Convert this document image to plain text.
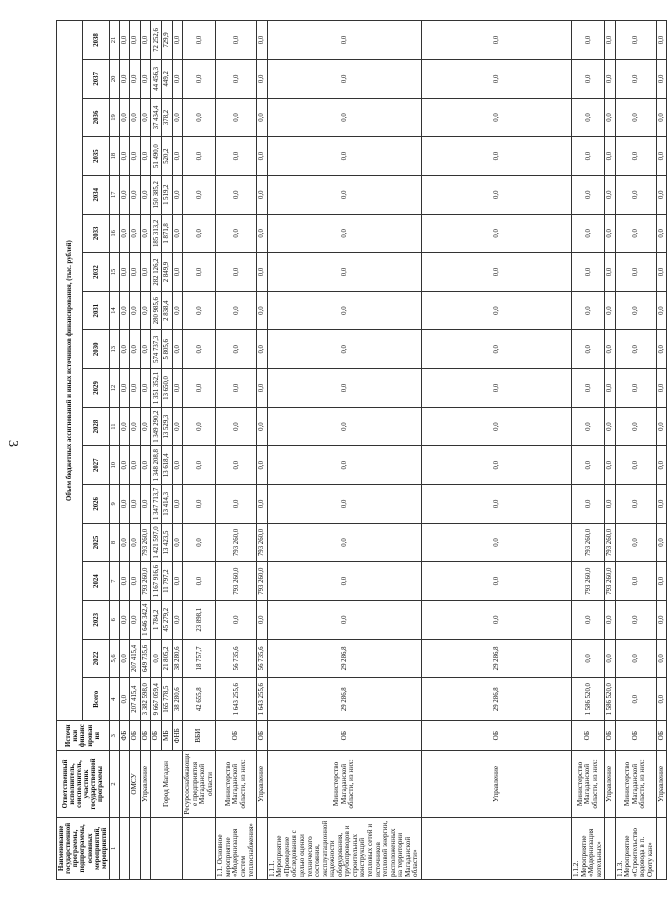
3
Наименование государственной программы, подпрограммы, основных мероприятий, мероприятий	Ответственный исполнитель, соисполнитель, участник государственной программы	Источники финансирования	Объем бюджетных ассигнований и иных источников финансирования, (тыс. рублей)																	
			Всего	2022	2023	2024	2025	2026	2027	2028	2029	2030	2031	2032	2033	2034	2035	2036	2037	2038
1	2	3	4	5,6	6	7	8	9	10	11	12	13	14	15	16	17	18	19	20	21
		ФБ	0,0	0,0	0,0	0,0	0,0	0,0	0,0	0,0	0,0	0,0	0,0	0,0	0,0	0,0	0,0	0,0	0,0	0,0
	ОМСУ	ОБ	207 415,4	207 415,4	0,0	0,0	0,0	0,0	0,0	0,0	0,0	0,0	0,0	0,0	0,0	0,0	0,0	0,0	0,0	0,0
	Управление	ОБ	3 382 598,0	649 735,6	1 646 342,4	793 260,0	793 260,0	0,0	0,0	0,0	0,0	0,0	0,0	0,0	0,0	0,0	0,0	0,0	0,0	0,0
	Город Магадан	ОБ	9 667 059,4	0,0	1 784,2	1 167 916,6	1 421 597,0	1 347 713,7	1 348 208,8	1 349 290,2	1 351 352,1	574 737,3	280 985,6	282 126,2	185 313,2	150 385,2	51 490,0	37 434,4	44 456,3	72 252,6
		МБ	165 778,5	21 805,2	45 279,2	11 797,2	13 423,5	13 414,3	13 618,4	13 529,3	13 650,0	5 805,6	2 838,4	2 849,9	1 871,8	1 519,2	520,2	378,2	449,2	729,9
		ФНБ	38 280,6	38 280,6	0,0	0,0	0,0	0,0	0,0	0,0	0,0	0,0	0,0	0,0	0,0	0,0	0,0	0,0	0,0	0,0
	Ресурсоснабжающие предприятия Магаданской области	ВБИ	42 655,8	18 757,7	23 898,1	0,0	0,0	0,0	0,0	0,0	0,0	0,0	0,0	0,0	0,0	0,0	0,0	0,0	0,0	0,0
1.1. Основное мероприятие «Модернизация систем теплоснабжения»	Министерство Магаданской области, из них:	ОБ	1 643 255,6	56 735,6	0,0	793 260,0	793 260,0	0,0	0,0	0,0	0,0	0,0	0,0	0,0	0,0	0,0	0,0	0,0	0,0	0,0
	Управление	ОБ	1 643 255,6	56 735,6	0,0	793 260,0	793 260,0	0,0	0,0	0,0	0,0	0,0	0,0	0,0	0,0	0,0	0,0	0,0	0,0	0,0
1.1.1. Мероприятие «Проведение обследования с целью оценки технического состояния, эксплуатационной надежности оборудования, трубопроводов и строительных конструкций тепловых сетей и источников тепловой энергии, расположенных на территории Магаданской области»	Министерство Магаданской области, из них:	ОБ	29 286,8	29 286,8	0,0	0,0	0,0	0,0	0,0	0,0	0,0	0,0	0,0	0,0	0,0	0,0	0,0	0,0	0,0	0,0
	Управление	ОБ	29 286,8	29 286,8	0,0	0,0	0,0	0,0	0,0	0,0	0,0	0,0	0,0	0,0	0,0	0,0	0,0	0,0	0,0	0,0
1.1.2. Мероприятие «Модернизация котельных»	Министерство Магаданской области, из них:	ОБ	1 586 520,0	0,0	0,0	793 260,0	793 260,0	0,0	0,0	0,0	0,0	0,0	0,0	0,0	0,0	0,0	0,0	0,0	0,0	0,0
	Управление	ОБ	1 586 520,0	0,0	0,0	793 260,0	793 260,0	0,0	0,0	0,0	0,0	0,0	0,0	0,0	0,0	0,0	0,0	0,0	0,0	0,0
1.1.3. Мероприятие «Строительство водовода в п. Ороту кан»	Министерство Магаданской области, из них:	ОБ	0,0	0,0	0,0	0,0	0,0	0,0	0,0	0,0	0,0	0,0	0,0	0,0	0,0	0,0	0,0	0,0	0,0	0,0
	Управление	ОБ	0,0	0,0	0,0	0,0	0,0	0,0	0,0	0,0	0,0	0,0	0,0	0,0	0,0	0,0	0,0	0,0	0,0	0,0
